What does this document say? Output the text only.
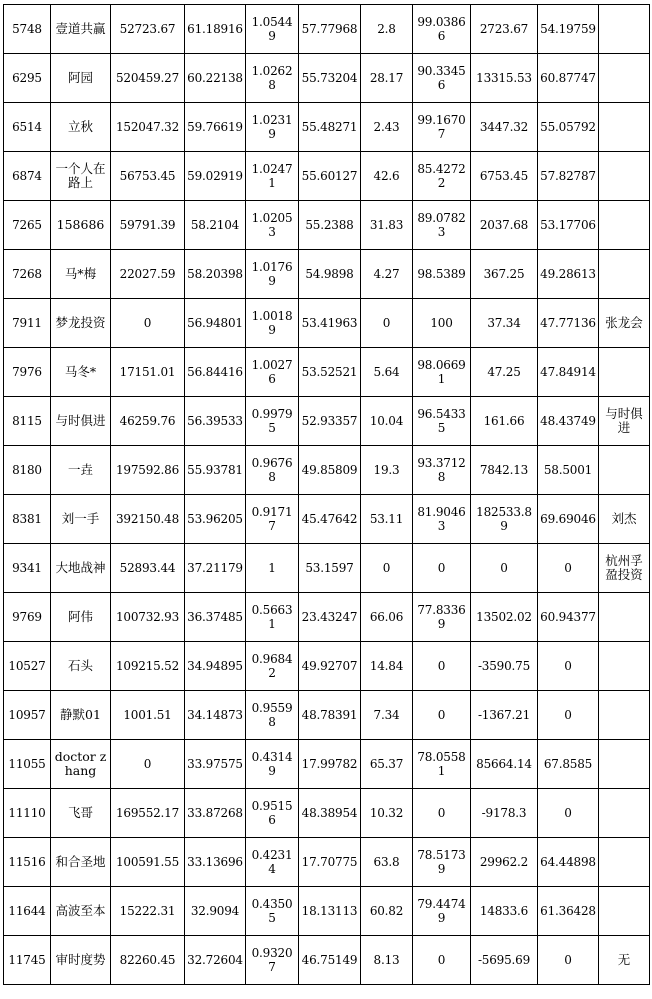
5748	壹道共赢	52723.67	61.18916	1.05449	57.77968	2.8	99.03866	2723.67	54.19759	
6295	阿园	520459.27	60.22138	1.02628	55.73204	28.17	90.33456	13315.53	60.87747	
6514	立秋	152047.32	59.76619	1.02319	55.48271	2.43	99.16707	3447.32	55.05792	
6874	一个人在路上	56753.45	59.02919	1.02471	55.60127	42.6	85.42722	6753.45	57.82787	
7265	158686	59791.39	58.2104	1.02053	55.2388	31.83	89.07823	2037.68	53.17706	
7268	马*梅	22027.59	58.20398	1.01769	54.9898	4.27	98.5389	367.25	49.28613	
7911	梦龙投资	0	56.94801	1.00189	53.41963	0	100	37.34	47.77136	张龙会
7976	马冬*	17151.01	56.84416	1.00276	53.52521	5.64	98.06691	47.25	47.84914	
8115	与时俱进	46259.76	56.39533	0.99795	52.93357	10.04	96.54335	161.66	48.43749	与时俱进
8180	一垚	197592.86	55.93781	0.96768	49.85809	19.3	93.37128	7842.13	58.5001	
8381	刘一手	392150.48	53.96205	0.91717	45.47642	53.11	81.90463	182533.89	69.69046	刘杰
9341	大地战神	52893.44	37.21179	1	53.1597	0	0	0	0	杭州孚盈投资
9769	阿伟	100732.93	36.37485	0.56631	23.43247	66.06	77.83369	13502.02	60.94377	
10527	石头	109215.52	34.94895	0.96842	49.92707	14.84	0	-3590.75	0	
10957	静默01	1001.51	34.14873	0.95598	48.78391	7.34	0	-1367.21	0	
11055	doctor zhang	0	33.97575	0.43149	17.99782	65.37	78.05581	85664.14	67.8585	
11110	飞哥	169552.17	33.87268	0.95156	48.38954	10.32	0	-9178.3	0	
11516	和合圣地	100591.55	33.13696	0.42314	17.70775	63.8	78.51739	29962.2	64.44898	
11644	高波至本	15222.31	32.9094	0.43505	18.13113	60.82	79.44749	14833.6	61.36428	
11745	审时度势	82260.45	32.72604	0.93207	46.75149	8.13	0	-5695.69	0	无
